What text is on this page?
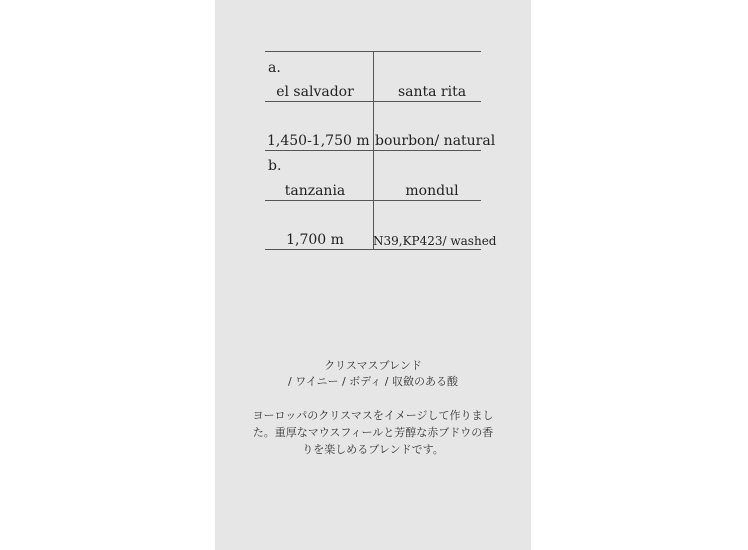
a.
el salvador	santa rita
1,450-1,750 m bourbon/ natural
b.
tanzania	mondul
1,700 m	N39,KP423/ washed
クリスマスブレンド
/ ワイニー / ボディ / 収斂のある酸
ヨーロッパのクリスマスをイメージして作りました。重厚なマウスフィールと芳醇な赤ブドウの香りを楽しめるブレンドです。
